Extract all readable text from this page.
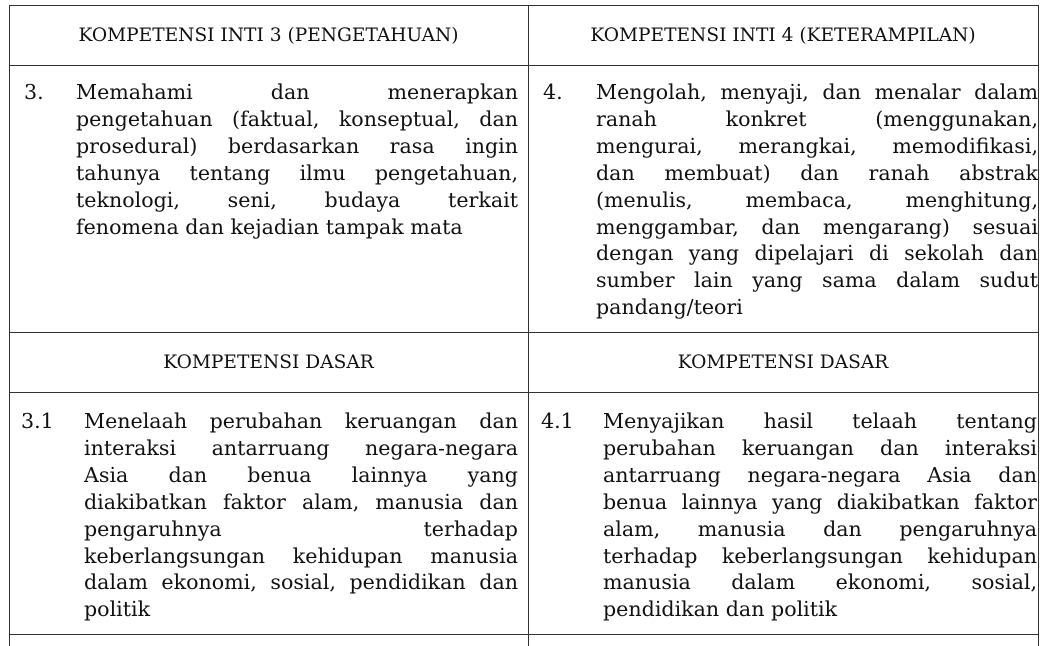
KOMPETENSI INTI 3 (PENGETAHUAN)	KOMPETENSI INTI 4 (KETERAMPILAN)
3. Memahami dan menerapkan
pengetahuan (faktual, konseptual, dan
prosedural) berdasarkan rasa ingin
tahunya tentang ilmu pengetahuan,
teknologi, seni, budaya terkait
fenomena dan kejadian tampak mata
4. Mengolah, menyaji, dan menalar dalam
ranah konkret (menggunakan,
mengurai, merangkai, memodifikasi,
dan membuat) dan ranah abstrak
(menulis, membaca, menghitung,
menggambar, dan mengarang) sesuai
dengan yang dipelajari di sekolah dan
sumber lain yang sama dalam sudut
pandang/teori
KOMPETENSI DASAR	KOMPETENSI DASAR
3.1 Menelaah perubahan keruangan dan
interaksi antarruang negara-negara
Asia dan benua lainnya yang
diakibatkan faktor alam, manusia dan
pengaruhnya terhadap
keberlangsungan kehidupan manusia
dalam ekonomi, sosial, pendidikan dan
politik
4.1 Menyajikan hasil telaah tentang
perubahan keruangan dan interaksi
antarruang negara-negara Asia dan
benua lainnya yang diakibatkan faktor
alam, manusia dan pengaruhnya
terhadap keberlangsungan kehidupan
manusia dalam ekonomi, sosial,
pendidikan dan politik
